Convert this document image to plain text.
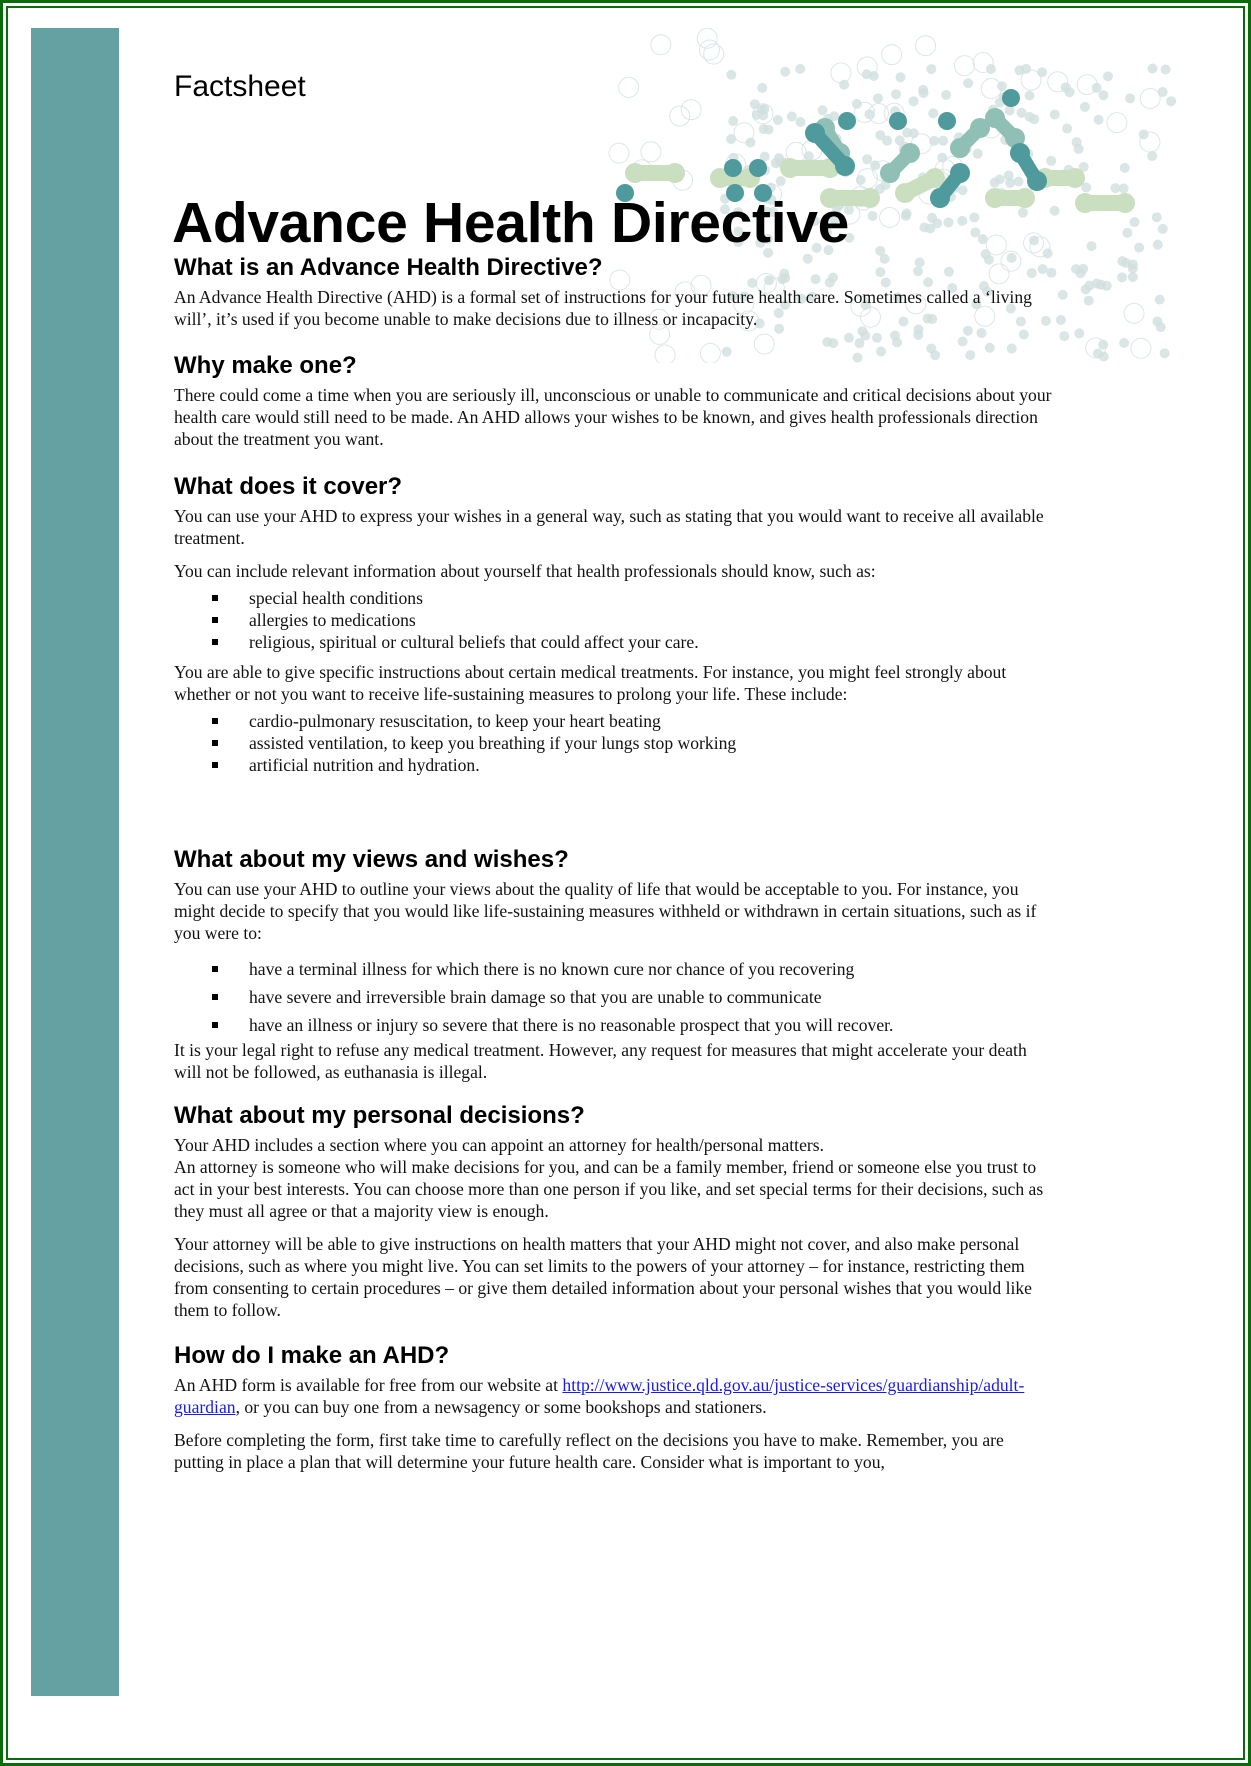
Factsheet
Advance Health Directive
What is an Advance Health Directive?

An Advance Health Directive (AHD) is a formal set of instructions for your future health care. Sometimes called a ‘living will’, it’s used if you become unable to make decisions due to illness or incapacity.

Why make one?

There could come a time when you are seriously ill, unconscious or unable to communicate and critical decisions about your health care would still need to be made. An AHD allows your wishes to be known, and gives health professionals direction about the treatment you want.

What does it cover?

You can use your AHD to express your wishes in a general way, such as stating that you would want to receive all available treatment.

You can include relevant information about yourself that health professionals should know, such as:

special health conditions
allergies to medications
religious, spiritual or cultural beliefs that could affect your care.

You are able to give specific instructions about certain medical treatments. For instance, you might feel strongly about whether or not you want to receive life-sustaining measures to prolong your life. These include:

cardio-pulmonary resuscitation, to keep your heart beating
assisted ventilation, to keep you breathing if your lungs stop working
artificial nutrition and hydration.
What about my views and wishes?

You can use your AHD to outline your views about the quality of life that would be acceptable to you. For instance, you might decide to specify that you would like life-sustaining measures withheld or withdrawn in certain situations, such as if you were to:

have a terminal illness for which there is no known cure nor chance of you recovering
have severe and irreversible brain damage so that you are unable to communicate
have an illness or injury so severe that there is no reasonable prospect that you will recover.

It is your legal right to refuse any medical treatment. However, any request for measures that might accelerate your death will not be followed, as euthanasia is illegal.

What about my personal decisions?

Your AHD includes a section where you can appoint an attorney for health/personal matters.

An attorney is someone who will make decisions for you, and can be a family member, friend or someone else you trust to act in your best interests. You can choose more than one person if you like, and set special terms for their decisions, such as they must all agree or that a majority view is enough.

Your attorney will be able to give instructions on health matters that your AHD might not cover, and also make personal decisions, such as where you might live. You can set limits to the powers of your attorney – for instance, restricting them from consenting to certain procedures – or give them detailed information about your personal wishes that you would like them to follow.

How do I make an AHD?

An AHD form is available for free from our website at http://www.justice.qld.gov.au/justice-services/guardianship/adult-guardian, or you can buy one from a newsagency or some bookshops and stationers.

Before completing the form, first take time to carefully reflect on the decisions you have to make. Remember, you are putting in place a plan that will determine your future health care. Consider what is important to you,
